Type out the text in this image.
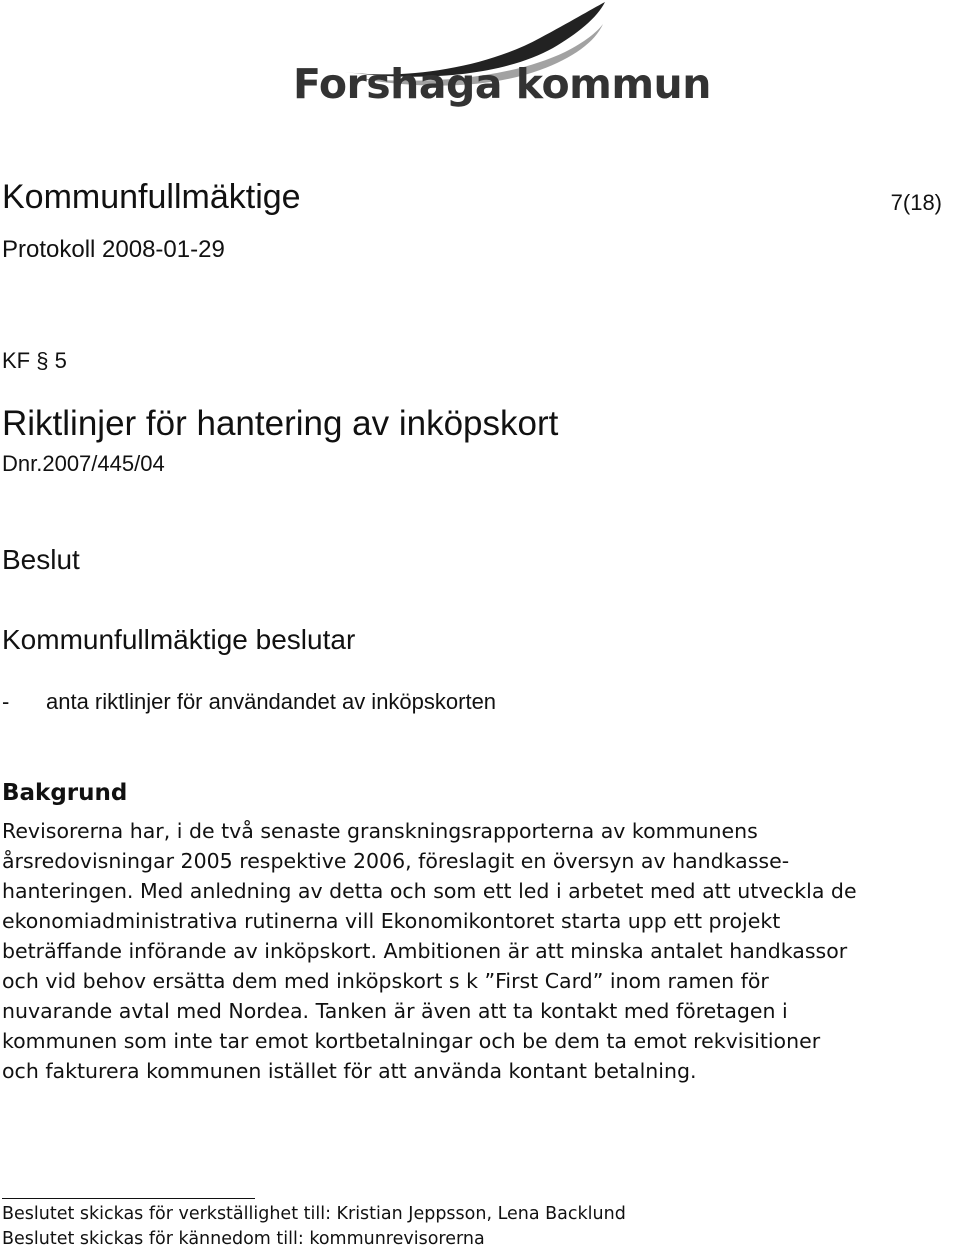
Forshaga kommun
Kommunfullmäktige	7(18)
Protokoll 2008-01-29
KF § 5
Riktlinjer för hantering av inköpskort
Dnr.2007/445/04
Beslut
Kommunfullmäktige beslutar
- anta riktlinjer för användandet av inköpskorten
Bakgrund
Revisorerna har, i de två senaste granskningsrapporterna av kommunens
årsredovisningar 2005 respektive 2006, föreslagit en översyn av handkasse-
hanteringen. Med anledning av detta och som ett led i arbetet med att utveckla de
ekonomiadministrativa rutinerna vill Ekonomikontoret starta upp ett projekt
beträffande införande av inköpskort. Ambitionen är att minska antalet handkassor
och vid behov ersätta dem med inköpskort s k ”First Card” inom ramen för
nuvarande avtal med Nordea. Tanken är även att ta kontakt med företagen i
kommunen som inte tar emot kortbetalningar och be dem ta emot rekvisitioner
och fakturera kommunen istället för att använda kontant betalning.
Beslutet skickas för verkställighet till: Kristian Jeppsson, Lena Backlund
Beslutet skickas för kännedom till: kommunrevisorerna
